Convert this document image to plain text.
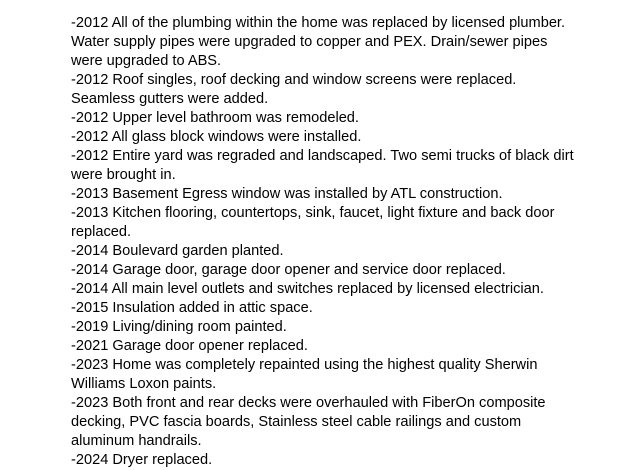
-2012 All of the plumbing within the home was replaced by licensed plumber. Water supply pipes were upgraded to copper and PEX. Drain/sewer pipes were upgraded to ABS.

-2012 Roof singles, roof decking and window screens were replaced. Seamless gutters were added.

-2012 Upper level bathroom was remodeled.

-2012 All glass block windows were installed.

-2012 Entire yard was regraded and landscaped. Two semi trucks of black dirt were brought in.

-2013 Basement Egress window was installed by ATL construction.

-2013 Kitchen flooring, countertops, sink, faucet, light fixture and back door replaced.

-2014 Boulevard garden planted.

-2014 Garage door, garage door opener and service door replaced.

-2014 All main level outlets and switches replaced by licensed electrician.

-2015 Insulation added in attic space.

-2019 Living/dining room painted.

-2021 Garage door opener replaced.

-2023 Home was completely repainted using the highest quality Sherwin Williams Loxon paints.

-2023 Both front and rear decks were overhauled with FiberOn composite decking, PVC fascia boards, Stainless steel cable railings and custom aluminum handrails.

-2024 Dryer replaced.
